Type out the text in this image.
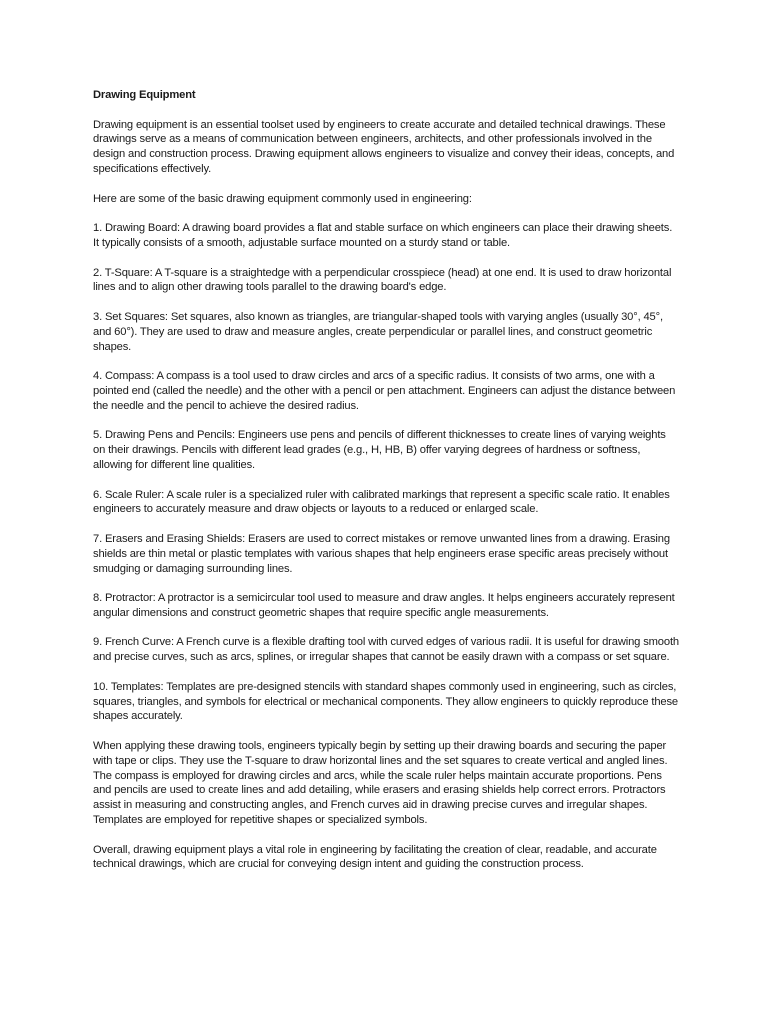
Drawing Equipment
Drawing equipment is an essential toolset used by engineers to create accurate and detailed technical drawings. These drawings serve as a means of communication between engineers, architects, and other professionals involved in the design and construction process. Drawing equipment allows engineers to visualize and convey their ideas, concepts, and specifications effectively.
Here are some of the basic drawing equipment commonly used in engineering:
1. Drawing Board: A drawing board provides a flat and stable surface on which engineers can place their drawing sheets. It typically consists of a smooth, adjustable surface mounted on a sturdy stand or table.
2. T-Square: A T-square is a straightedge with a perpendicular crosspiece (head) at one end. It is used to draw horizontal lines and to align other drawing tools parallel to the drawing board's edge.
3. Set Squares: Set squares, also known as triangles, are triangular-shaped tools with varying angles (usually 30°, 45°, and 60°). They are used to draw and measure angles, create perpendicular or parallel lines, and construct geometric shapes.
4. Compass: A compass is a tool used to draw circles and arcs of a specific radius. It consists of two arms, one with a pointed end (called the needle) and the other with a pencil or pen attachment. Engineers can adjust the distance between the needle and the pencil to achieve the desired radius.
5. Drawing Pens and Pencils: Engineers use pens and pencils of different thicknesses to create lines of varying weights on their drawings. Pencils with different lead grades (e.g., H, HB, B) offer varying degrees of hardness or softness, allowing for different line qualities.
6. Scale Ruler: A scale ruler is a specialized ruler with calibrated markings that represent a specific scale ratio. It enables engineers to accurately measure and draw objects or layouts to a reduced or enlarged scale.
7. Erasers and Erasing Shields: Erasers are used to correct mistakes or remove unwanted lines from a drawing. Erasing shields are thin metal or plastic templates with various shapes that help engineers erase specific areas precisely without smudging or damaging surrounding lines.
8. Protractor: A protractor is a semicircular tool used to measure and draw angles. It helps engineers accurately represent angular dimensions and construct geometric shapes that require specific angle measurements.
9. French Curve: A French curve is a flexible drafting tool with curved edges of various radii. It is useful for drawing smooth and precise curves, such as arcs, splines, or irregular shapes that cannot be easily drawn with a compass or set square.
10. Templates: Templates are pre-designed stencils with standard shapes commonly used in engineering, such as circles, squares, triangles, and symbols for electrical or mechanical components. They allow engineers to quickly reproduce these shapes accurately.
When applying these drawing tools, engineers typically begin by setting up their drawing boards and securing the paper with tape or clips. They use the T-square to draw horizontal lines and the set squares to create vertical and angled lines. The compass is employed for drawing circles and arcs, while the scale ruler helps maintain accurate proportions. Pens and pencils are used to create lines and add detailing, while erasers and erasing shields help correct errors. Protractors assist in measuring and constructing angles, and French curves aid in drawing precise curves and irregular shapes. Templates are employed for repetitive shapes or specialized symbols.
Overall, drawing equipment plays a vital role in engineering by facilitating the creation of clear, readable, and accurate technical drawings, which are crucial for conveying design intent and guiding the construction process.
